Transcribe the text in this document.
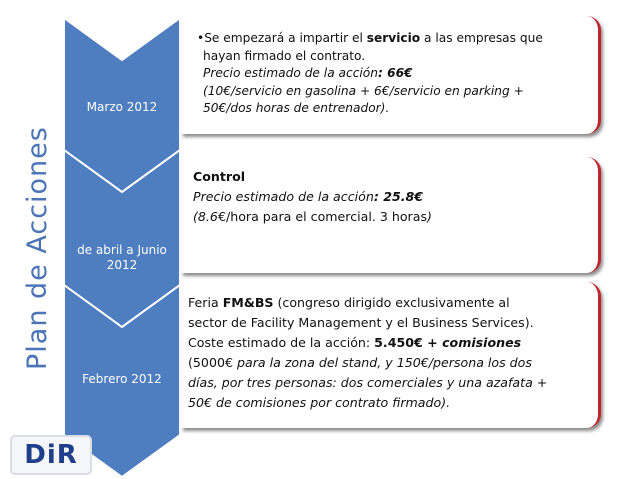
Plan de Acciones
Marzo 2012
de abril a Junio 2012
Febrero 2012

•Se empezará a impartir el servicio a las empresas que

hayan firmado el contrato.

Precio estimado de la acción: 66€

(10€/servicio en gasolina + 6€/servicio en parking +

50€/dos horas de entrenador).

Control

Precio estimado de la acción: 25.8€

(8.6€/hora para el comercial. 3 horas)

Feria FM&BS (congreso dirigido exclusivamente al

sector de Facility Management y el Business Services).

Coste estimado de la acción: 5.450€ + comisiones

(5000€ para la zona del stand, y 150€/persona los dos

días, por tres personas: dos comerciales y una azafata +

50€ de comisiones por contrato firmado).

DiR
